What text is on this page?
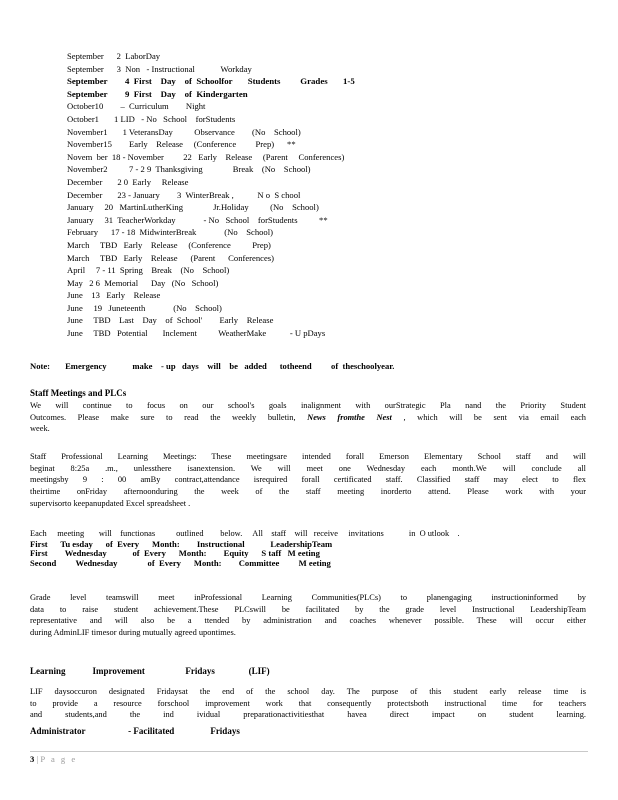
September      2  LaborDay
September      3  Non   - Instructional            Workday
September        4  First    Day    of  Schoolfor       Students         Grades       1-5
September        9  First    Day    of  Kindergarten
October10        –  Curriculum        Night
October1       1 LID   - No   School    forStudents
November1       1 VeteransDay          Observance        (No    School)
November15        Early    Release     (Conference         Prep)      **
Novem  ber  18 - November         22   Early    Release     (Parent     Conferences)
November2          7 - 2 9  Thanksgiving              Break    (No    School)
December       2 0  Early     Release
December       23 - January        3  WinterBreak ,           N o  S chool
January     20   MartinLutherKing              Jr.Holiday          (No    School)
January     31  TeacherWorkday             - No   School    forStudents          **
February      17 - 18  MidwinterBreak             (No    School)
March     TBD   Early    Release     (Conference          Prep)
March     TBD   Early    Release      (Parent      Conferences)
April     7 - 11  Spring    Break    (No    School)
May   2 6  Memorial      Day   (No   School)
June    13   Early    Release
June     19   Juneteenth             (No    School)
June     TBD    Last    Day    of  School'        Early    Release
June     TBD   Potential       Inclement          WeatherMake           - U pDays
Note:       Emergency            make    - up   days    will    be   added      totheend         of  theschoolyear.
Staff Meetings and PLCs
We will continue to focus on our school's goals inalignment with ourStrategic Pla nand the Priority Student
Outcomes. Please make sure to read the weekly bulletin, News fromthe Nest , which will be sent via email each
week.
Staff Professional Learning Meetings: These meetingsare intended forall Emerson Elementary School staff and will
beginat 8:25a .m., unlessthere isanextension. We will meet one Wednesday each month.We will conclude all
meetingsby 9 : 00 amBy contract,attendance isrequired forall certificated staff. Classified staff may elect to flex
theirtime onFriday afternoonduring the week of the staff meeting inorderto attend. Please work with your
supervisorto keepanupdated Excel spreadsheet .
Each     meeting       will    functionas          outlined        below.     All    staff    will   receive     invitations            in  O utlook    .
First      Tu esday      of  Every      Month:        Instructional            LeadershipTeam
First        Wednesday            of  Every      Month:        Equity      S taff   M eeting
Second         Wednesday              of  Every      Month:        Committee         M eeting
Grade level teamswill meet inProfessional Learning Communities(PLCs) to planengaging instructioninformed by
data to raise student achievement.These PLCswill be facilitated by the grade level Instructional LeadershipTeam
representative and will also be a ttended by administration and coaches whenever possible. These will occur either
during AdminLIF timesor during mutually agreed upontimes.
Learning            Improvement                  Fridays               (LIF)
LIF daysoccuron designated Fridaysat the end of the school day. The purpose of this student early release time is
to provide a resource forschool improvement work that consequently protectsboth instructional time for teachers
and students,and the ind ividual preparationactivitiesthat havea direct impact on student learning.
Administrator                   - Facilitated                Fridays
3 | P a g e
